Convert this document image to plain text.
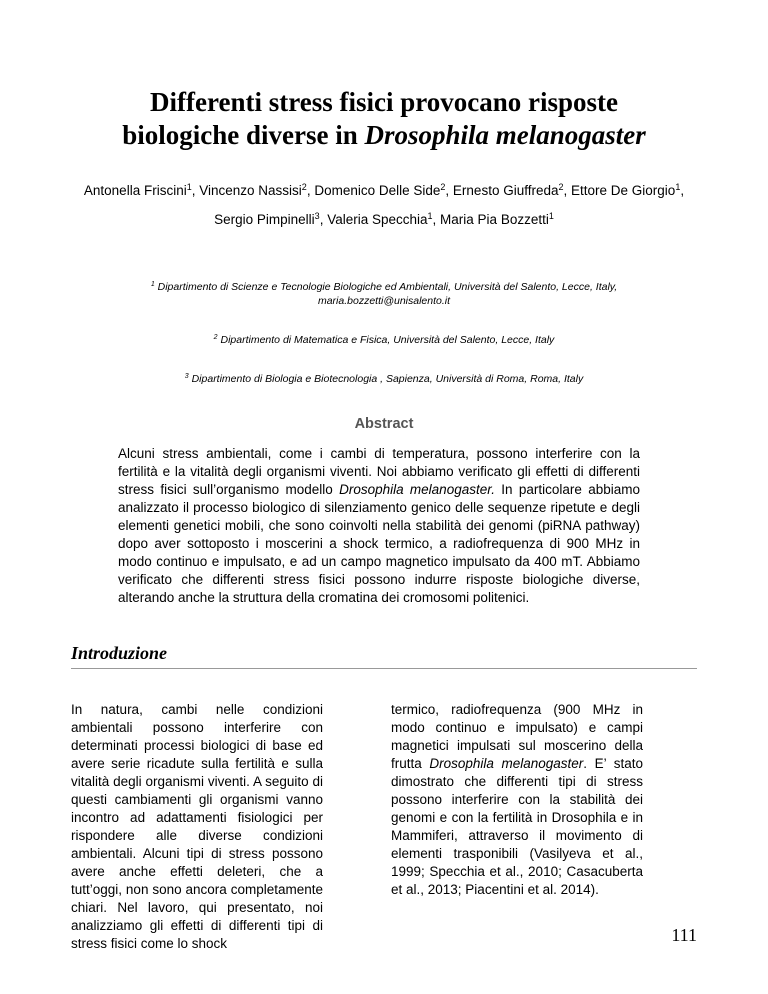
Differenti stress fisici provocano risposte
biologiche diverse in Drosophila melanogaster
Antonella Friscini$^1$, Vincenzo Nassisi$^2$, Domenico Delle Side$^2$, Ernesto Giuffreda$^2$, Ettore De Giorgio$^1$,
Sergio Pimpinelli$^3$, Valeria Specchia$^1$, Maria Pia Bozzetti$^1$
$^1$ Dipartimento di Scienze e Tecnologie Biologiche ed Ambientali, Università del Salento, Lecce, Italy,
maria.bozzetti@unisalento.it
$^2$ Dipartimento di Matematica e Fisica, Università del Salento, Lecce, Italy
$^3$ Dipartimento di Biologia e Biotecnologia , Sapienza, Università di Roma, Roma, Italy
Abstract

Alcuni stress ambientali, come i cambi di temperatura, possono interferire con la fertilità e la vitalità degli organismi viventi. Noi abbiamo verificato gli effetti di differenti stress fisici sull’organismo modello Drosophila melanogaster. In particolare abbiamo analizzato il processo biologico di silenziamento genico delle sequenze ripetute e degli elementi genetici mobili, che sono coinvolti nella stabilità dei genomi (piRNA pathway) dopo aver sottoposto i moscerini a shock termico, a radiofrequenza di 900 MHz in modo continuo e impulsato, e ad un campo magnetico impulsato da 400 mT. Abbiamo verificato che differenti stress fisici possono indurre risposte biologiche diverse, alterando anche la struttura della cromatina dei cromosomi politenici.

Introduzione

In natura, cambi nelle condizioni ambientali possono interferire con determinati processi biologici di base ed avere serie ricadute sulla fertilità e sulla vitalità degli organismi viventi. A seguito di questi cambiamenti gli organismi vanno incontro ad adattamenti fisiologici per rispondere alle diverse condizioni ambientali. Alcuni tipi di stress possono avere anche effetti deleteri, che a tutt’oggi, non sono ancora completamente chiari. Nel lavoro, qui presentato, noi analizziamo gli effetti di differenti tipi di stress fisici come lo shock

termico, radiofrequenza (900 MHz in modo continuo e impulsato) e campi magnetici impulsati sul moscerino della frutta Drosophila melanogaster. E’ stato dimostrato che differenti tipi di stress possono interferire con la stabilità dei genomi e con la fertilità in Drosophila e in Mammiferi, attraverso il movimento di elementi trasponibili (Vasilyeva et al., 1999; Specchia et al., 2010; Casacuberta et al., 2013; Piacentini et al. 2014).

111
